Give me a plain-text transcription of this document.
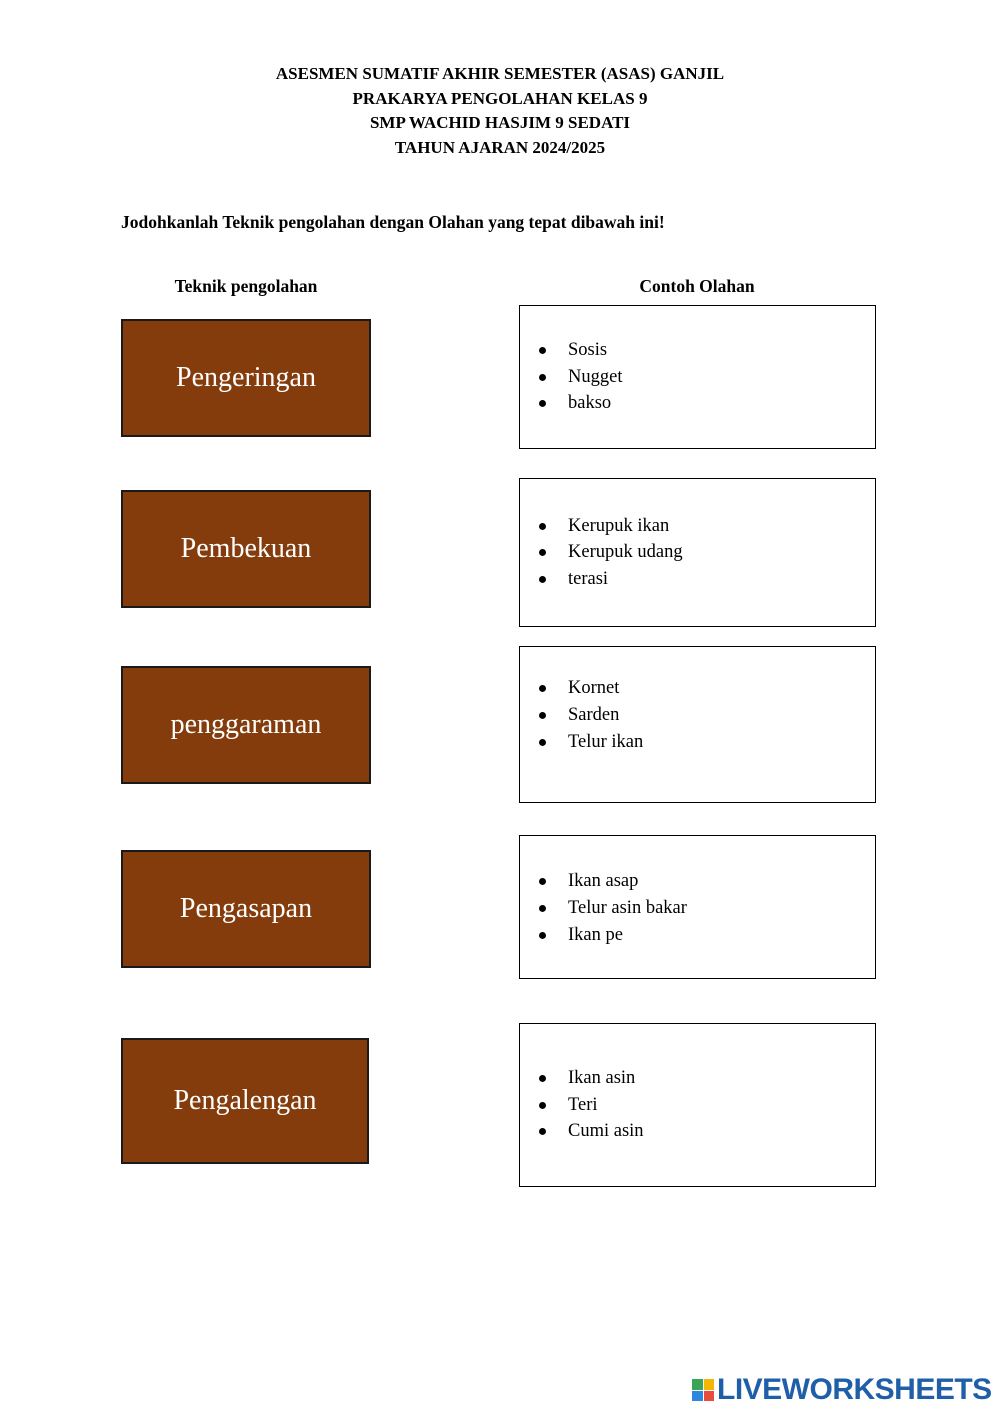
ASESMEN SUMATIF AKHIR SEMESTER (ASAS) GANJIL
PRAKARYA PENGOLAHAN KELAS 9
SMP WACHID HASJIM 9 SEDATI
TAHUN AJARAN 2024/2025
Jodohkanlah Teknik pengolahan dengan Olahan yang tepat dibawah ini!
Teknik pengolahan	Contoh Olahan
Pengeringan
Pembekuan
penggaraman
Pengasapan
Pengalengan
Sosis
Nugget
bakso
Kerupuk ikan
Kerupuk udang
terasi
Kornet
Sarden
Telur ikan
Ikan asap
Telur asin bakar
Ikan pe
Ikan asin
Teri
Cumi asin
LIVEWORKSHEETS
